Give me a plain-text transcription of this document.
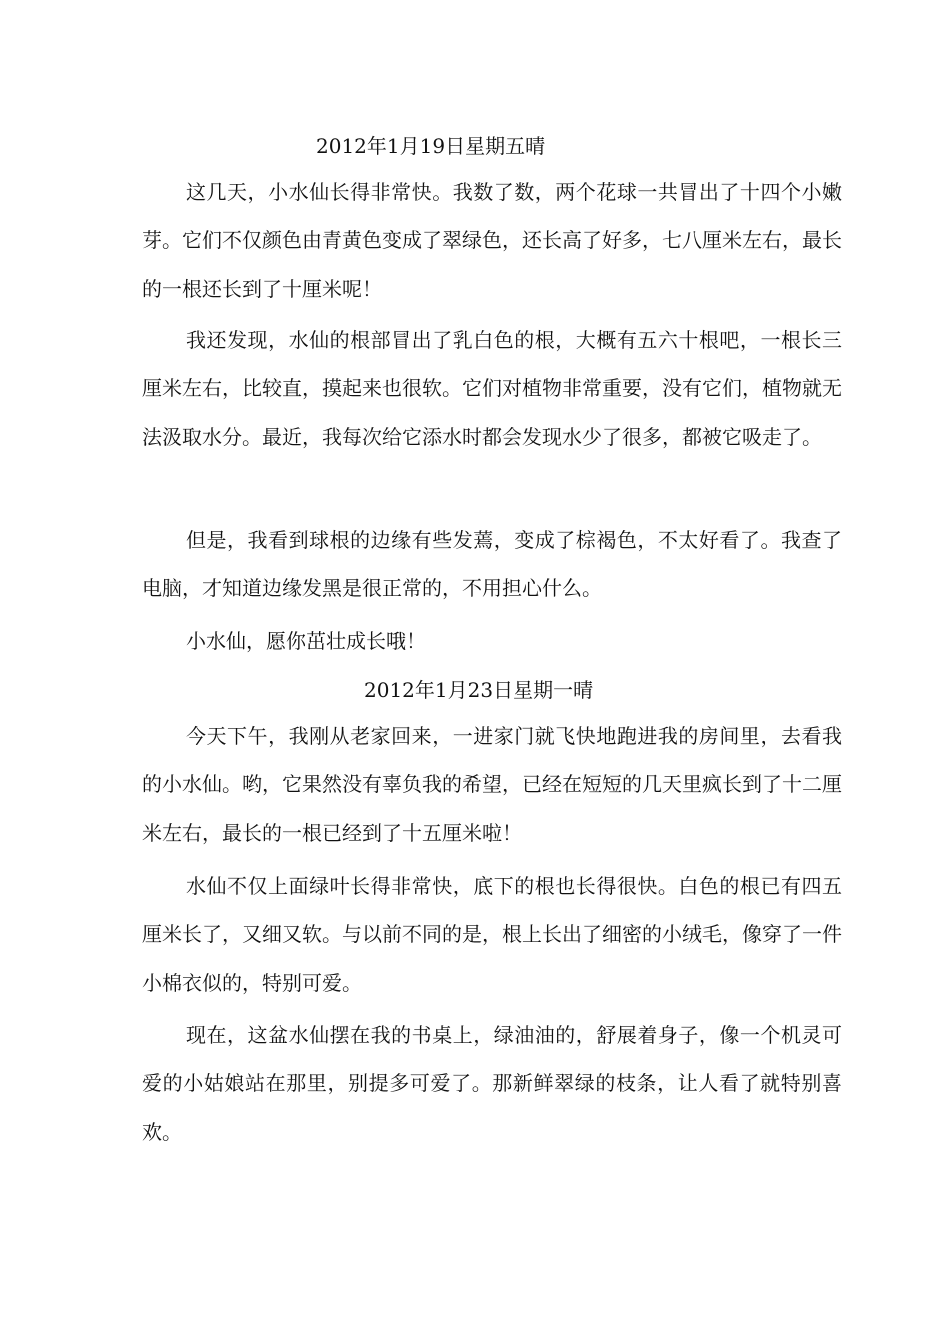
2012年1月19日星期五晴

这几天，小水仙长得非常快。我数了数，两个花球一共冒出了十四个小嫩芽。它们不仅颜色由青黄色变成了翠绿色，还长高了好多，七八厘米左右，最长的一根还长到了十厘米呢！

我还发现，水仙的根部冒出了乳白色的根，大概有五六十根吧，一根长三厘米左右，比较直，摸起来也很软。它们对植物非常重要，没有它们，植物就无法汲取水分。最近，我每次给它添水时都会发现水少了很多，都被它吸走了。

但是，我看到球根的边缘有些发蔫，变成了棕褐色，不太好看了。我查了电脑，才知道边缘发黑是很正常的，不用担心什么。

小水仙，愿你茁壮成长哦！

2012年1月23日星期一晴

今天下午，我刚从老家回来，一进家门就飞快地跑进我的房间里，去看我的小水仙。哟，它果然没有辜负我的希望，已经在短短的几天里疯长到了十二厘米左右，最长的一根已经到了十五厘米啦！

水仙不仅上面绿叶长得非常快，底下的根也长得很快。白色的根已有四五厘米长了，又细又软。与以前不同的是，根上长出了细密的小绒毛，像穿了一件小棉衣似的，特别可爱。

现在，这盆水仙摆在我的书桌上，绿油油的，舒展着身子，像一个机灵可爱的小姑娘站在那里，别提多可爱了。那新鲜翠绿的枝条，让人看了就特别喜欢。
